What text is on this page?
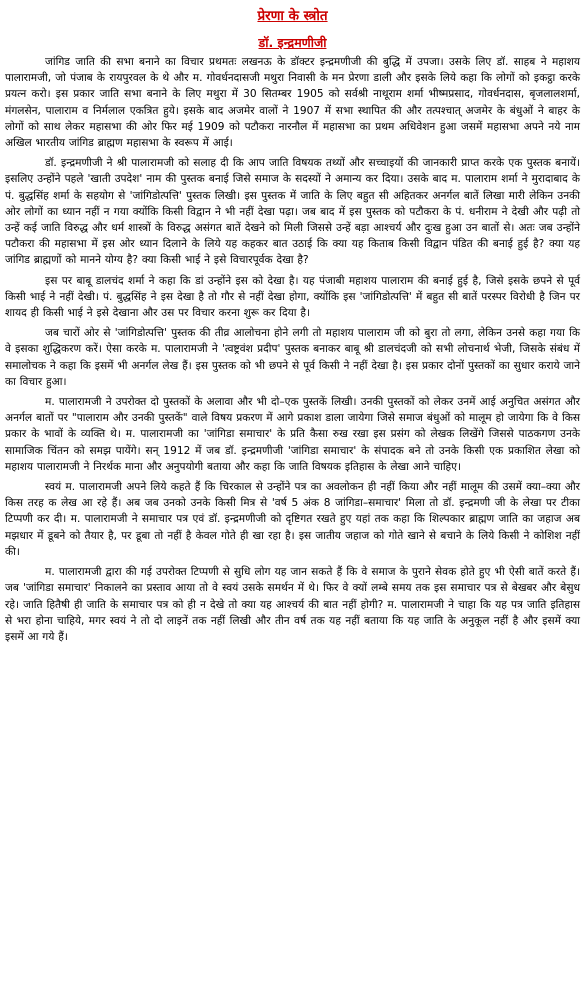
प्रेरणा के स्त्रोत
डॉ. इन्द्रमणीजी

जांगिड जाति की सभा बनाने का विचार प्रथमतः लखनऊ के डॉक्टर इन्द्रमणीजी की बुद्धि में उपजा। उसके लिए डॉ. साहब ने महाशय पालारामजी, जो पंजाब के रायपुरवल के थे और म. गोवर्धनदासजी मथुरा निवासी के मन प्रेरणा डाली और इसके लिये कहा कि लोगों को इकट्ठा करके प्रयत्न करो। इस प्रकार जाति सभा बनाने के लिए मथुरा में 30 सितम्बर 1905 को सर्वश्री नाथूराम शर्मा भीष्मप्रसाद, गोवर्धनदास, बृजलालशर्मा, मंगलसेन, पालाराम व निर्मलाल एकत्रित हुये। इसके बाद अजमेर वालों ने 1907 में सभा स्थापित की और तत्पश्चात् अजमेर के बंधुओं ने बाहर के लोगों को साथ लेकर महासभा की ओर फिर मई 1909 को पटौकरा नारनौल में महासभा का प्रथम अधिवेशन हुआ जसमें महासभा अपने नये नाम अखिल भारतीय जांगिड ब्राह्मण महासभा के स्वरूप में आई।

डॉ. इन्द्रमणीजी ने श्री पालारामजी को सलाह दी कि आप जाति विषयक तथ्यों और सच्चाइयों की जानकारी प्राप्त करके एक पुस्तक बनायें। इसलिए उन्होंने पहले 'खाती उपदेश' नाम की पुस्तक बनाई जिसे समाज के सदस्यों ने अमान्य कर दिया। उसके बाद म. पालाराम शर्मा ने मुरादाबाद के पं. बुद्धसिंह शर्मा के सहयोग से 'जांगिडोत्पत्ति' पुस्तक लिखी। इस पुस्तक में जाति के लिए बहुत सी अहितकर अनर्गल बातें लिखा मारी लेकिन उनकी ओर लोगों का ध्यान नहीं न गया क्योंकि किसी विद्वान ने भी नहीं देखा पढ़ा। जब बाद में इस पुस्तक को पटौकरा के पं. धनीराम ने देखी और पढ़ी तो उन्हें कई जाति विरुद्ध और धर्म शास्त्रों के विरुद्ध असंगत बातें देखने को मिली जिससे उन्हें बड़ा आश्चर्य और दुःख हुआ उन बातों से। अतः जब उन्होंने पटौकरा की महासभा में इस ओर ध्यान दिलाने के लिये यह कहकर बात उठाई कि क्या यह किताब किसी विद्वान पंडित की बनाई हुई है? क्या यह जांगिड ब्राह्मणों को मानने योग्य है? क्या किसी भाई ने इसे विचारपूर्वक देखा है?

इस पर बाबू डालचंद शर्मा ने कहा कि डां उन्होंने इस को देखा है। यह पंजाबी महाशय पालाराम की बनाई हुई है, जिसे इसके छपने से पूर्व किसी भाई ने नहीं देखी। पं. बुद्धसिंह ने इस देखा है तो गौर से नहीं देखा होगा, क्योंकि इस 'जांगिडोत्पत्ति' में बहुत सी बातें परस्पर विरोधी है जिन पर शायद ही किसी भाई ने इसे देखाना और उस पर विचार करना शुरू कर दिया है।

जब चारों ओर से 'जांगिडोत्पत्ति' पुस्तक की तीव्र आलोचना होने लगी तो महाशय पालाराम जी को बुरा तो लगा, लेकिन उनसे कहा गया कि वे इसका शुद्धिकरण करें। ऐसा करके म. पालारामजी ने 'त्वष्ट्रवंश प्रदीप' पुस्तक बनाकर बाबू श्री डालचंदजी को सभी लोचनार्थ भेजी, जिसके संबंध में समालोचक ने कहा कि इसमें भी अनर्गल लेख हैं। इस पुस्तक को भी छपने से पूर्व किसी ने नहीं देखा है। इस प्रकार दोनों पुस्तकों का सुधार कराये जाने का विचार हुआ।

म. पालारामजी ने उपरोक्त दो पुस्तकों के अलावा और भी दो–एक पुस्तकें लिखी। उनकी पुस्तकों को लेकर उनमें आई अनुचित असंगत और अनर्गल बातों पर "पालाराम और उनकी पुस्तकें" वाले विषय प्रकरण में आगे प्रकाश डाला जायेगा जिसे समाज बंधुओं को मालूम हो जायेगा कि वे किस प्रकार के भावों के व्यक्ति थे। म. पालारामजी का 'जांगिडा समाचार' के प्रति कैसा रुख रखा इस प्रसंग को लेखक लिखेंगे जिससे पाठकगण उनके सामाजिक चिंतन को समझ पायेंगे। सन् 1912 में जब डॉ. इन्द्रमणीजी 'जांगिडा समाचार' के संपादक बने तो उनके किसी एक प्रकाशित लेखा को महाशय पालारामजी ने निरर्थक माना और अनुपयोगी बताया और कहा कि जाति विषयक इतिहास के लेखा आने चाहिए।

स्वयं म. पालारामजी अपने लिये कहते हैं कि चिरकाल से उन्होंने पत्र का अवलोकन ही नहीं किया और नहीं मालूम की उसमें क्या–क्या और किस तरह क लेख आ रहे हैं। अब जब उनको उनके किसी मित्र से 'वर्ष 5 अंक 8 जांगिडा–समाचार' मिला तो डॉ. इन्द्रमणी जी के लेखा पर टीका टिप्पणी कर दी। म. पालारामजी ने समाचार पत्र एवं डॉ. इन्द्रमणीजी को दृष्टिगत रखते हुए यहां तक कहा कि शिल्पकार ब्राह्मण जाति का जहाज अब मझधार में डूबने को तैयार है, पर डूबा तो नहीं है केवल गोते ही खा रहा है। इस जातीय जहाज को गोते खाने से बचाने के लिये किसी ने कोशिश नहीं की।

म. पालारामजी द्वारा की गई उपरोक्त टिप्पणी से सुधि लोग यह जान सकते हैं कि वे समाज के पुराने सेवक होते हुए भी ऐसी बातें करते हैं। जब 'जांगिडा समाचार' निकालने का प्रस्ताव आया तो वे स्वयं उसके समर्थन में थे। फिर वे क्यों लम्बे समय तक इस समाचार पत्र से बेखबर और बेसुध रहे। जाति हितैषी ही जाति के समाचार पत्र को ही न देखे तो क्या यह आश्चर्य की बात नहीं होगी? म. पालारामजी ने चाहा कि यह पत्र जाति इतिहास से भरा होना चाहिये, मगर स्वयं ने तो दो लाइनें तक नहीं लिखी और तीन वर्ष तक यह नहीं बताया कि यह जाति के अनुकूल नहीं है और इसमें क्या इसमें आ गये हैं।
